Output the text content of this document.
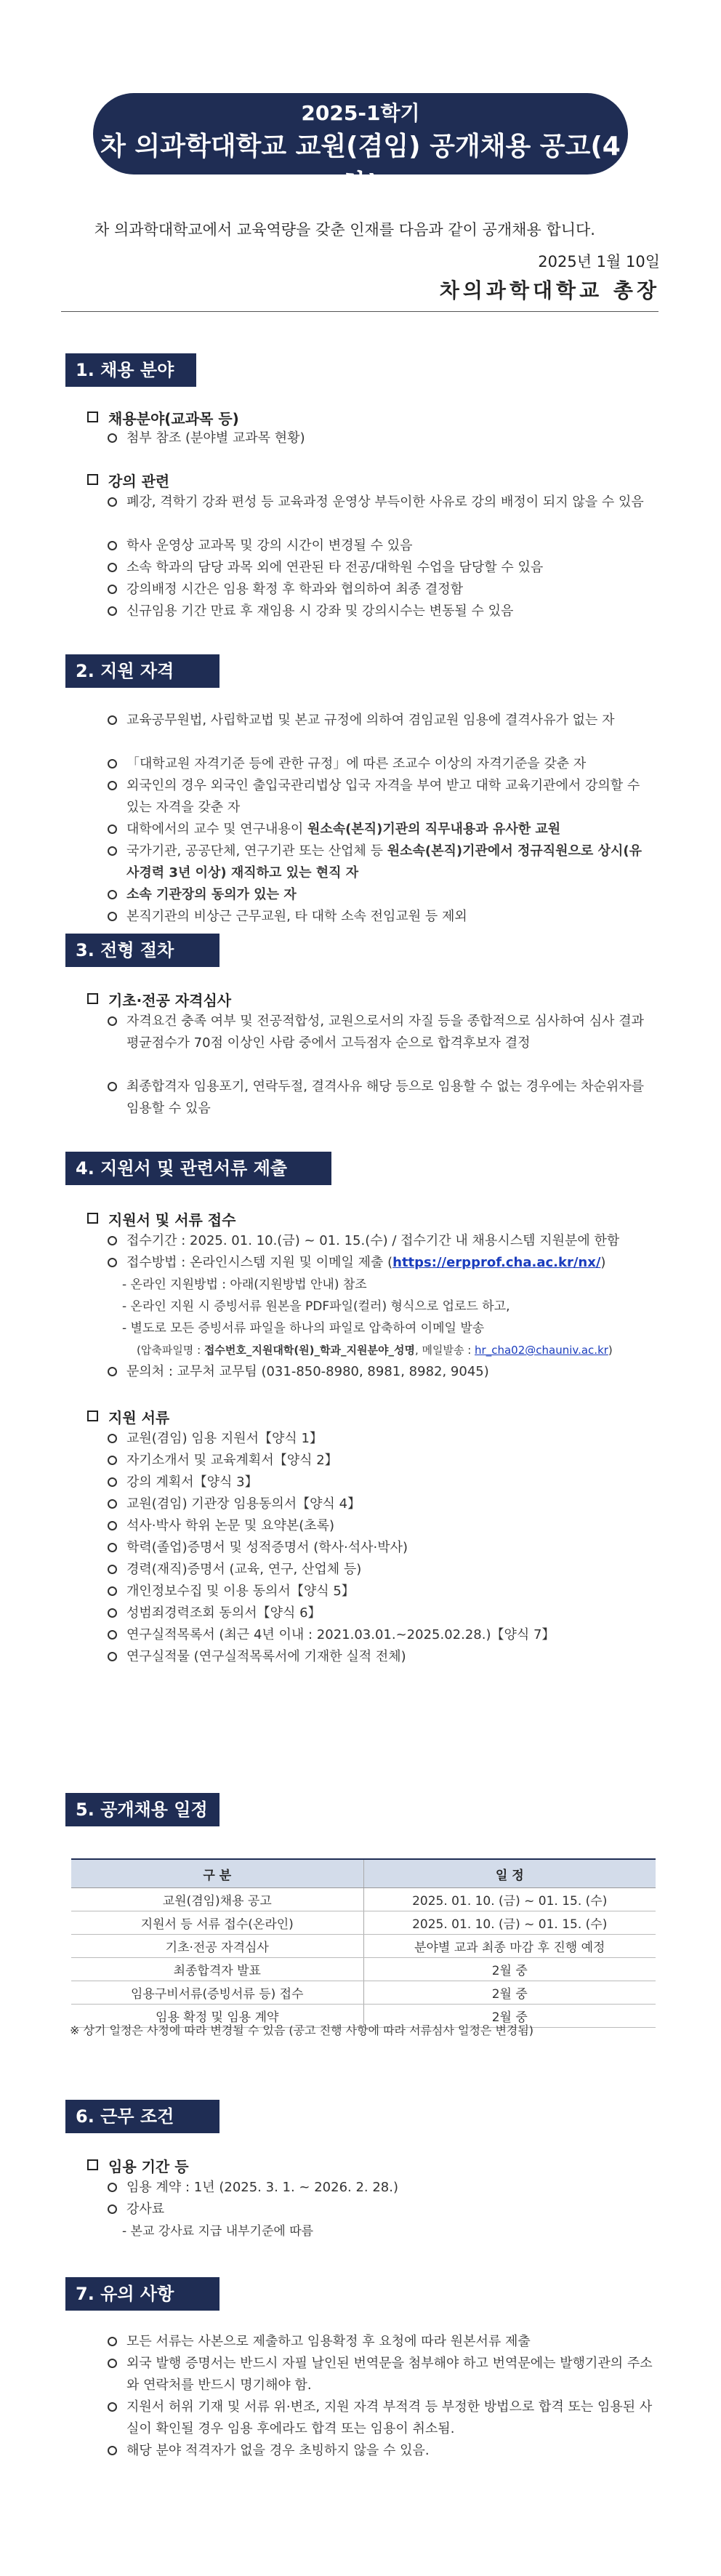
2025-1학기
차 의과학대학교 교원(겸임) 공개채용 공고(4차)
차 의과학대학교에서 교육역량을 갖춘 인재를 다음과 같이 공개채용 합니다.
2025년 1월 10일
차의과학대학교 총장
1. 채용 분야
채용분야(교과목 등)
첨부 참조 (분야별 교과목 현황)
강의 관련
폐강, 격학기 강좌 편성 등 교육과정 운영상 부득이한 사유로 강의 배정이 되지 않을 수 있음
학사 운영상 교과목 및 강의 시간이 변경될 수 있음
소속 학과의 담당 과목 외에 연관된 타 전공/대학원 수업을 담당할 수 있음
강의배정 시간은 임용 확정 후 학과와 협의하여 최종 결정함
신규임용 기간 만료 후 재임용 시 강좌 및 강의시수는 변동될 수 있음
2. 지원 자격
교육공무원법, 사립학교법 및 본교 규정에 의하여 겸임교원 임용에 결격사유가 없는 자
「대학교원 자격기준 등에 관한 규정」에 따른 조교수 이상의 자격기준을 갖춘 자
외국인의 경우 외국인 출입국관리법상 입국 자격을 부여 받고 대학 교육기관에서 강의할 수 있는 자격을 갖춘 자
대학에서의 교수 및 연구내용이 원소속(본직)기관의 직무내용과 유사한 교원
국가기관, 공공단체, 연구기관 또는 산업체 등 원소속(본직)기관에서 정규직원으로 상시(유사경력 3년 이상) 재직하고 있는 현직 자
소속 기관장의 동의가 있는 자
본직기관의 비상근 근무교원, 타 대학 소속 전임교원 등 제외
3. 전형 절차
기초·전공 자격심사
자격요건 충족 여부 및 전공적합성, 교원으로서의 자질 등을 종합적으로 심사하여 심사 결과 평균점수가 70점 이상인 사람 중에서 고득점자 순으로 합격후보자 결정
최종합격자 임용포기, 연락두절, 결격사유 해당 등으로 임용할 수 없는 경우에는 차순위자를 임용할 수 있음
4. 지원서 및 관련서류 제출
지원서 및 서류 접수
접수기간 : 2025. 01. 10.(금) ~ 01. 15.(수) / 접수기간 내 채용시스템 지원분에 한함
접수방법 : 온라인시스템 지원 및 이메일 제출 (https://erpprof.cha.ac.kr/nx/)
- 온라인 지원방법 : 아래(지원방법 안내) 참조
- 온라인 지원 시 증빙서류 원본을 PDF파일(컬러) 형식으로 업로드 하고,
- 별도로 모든 증빙서류 파일을 하나의 파일로 압축하여 이메일 발송
(압축파일명 : 접수번호_지원대학(원)_학과_지원분야_성명, 메일발송 : hr_cha02@chauniv.ac.kr)
문의처 : 교무처 교무팀 (031-850-8980, 8981, 8982, 9045)
지원 서류
교원(겸임) 임용 지원서【양식 1】
자기소개서 및 교육계획서【양식 2】
강의 계획서【양식 3】
교원(겸임) 기관장 임용동의서【양식 4】
석사·박사 학위 논문 및 요약본(초록)
학력(졸업)증명서 및 성적증명서 (학사·석사·박사)
경력(재직)증명서 (교육, 연구, 산업체 등)
개인정보수집 및 이용 동의서【양식 5】
성범죄경력조회 동의서【양식 6】
연구실적목록서 (최근 4년 이내 : 2021.03.01.~2025.02.28.)【양식 7】
연구실적물 (연구실적목록서에 기재한 실적 전체)
5. 공개채용 일정
구 분	일 정
교원(겸임)채용 공고	2025. 01. 10. (금) ~ 01. 15. (수)
지원서 등 서류 접수(온라인)	2025. 01. 10. (금) ~ 01. 15. (수)
기초·전공 자격심사	분야별 교과 최종 마감 후 진행 예정
최종합격자 발표	2월 중
임용구비서류(증빙서류 등) 접수	2월 중
임용 확정 및 임용 계약	2월 중
※ 상기 일정은 사정에 따라 변경될 수 있음 (공고 진행 사항에 따라 서류심사 일정은 변경됨)
6. 근무 조건
임용 기간 등
임용 계약 : 1년 (2025. 3. 1. ~ 2026. 2. 28.)
강사료
- 본교 강사료 지급 내부기준에 따름
7. 유의 사항
모든 서류는 사본으로 제출하고 임용확정 후 요청에 따라 원본서류 제출
외국 발행 증명서는 반드시 자필 날인된 번역문을 첨부해야 하고 번역문에는 발행기관의 주소와 연락처를 반드시 명기해야 함.
지원서 허위 기재 및 서류 위·변조, 지원 자격 부적격 등 부정한 방법으로 합격 또는 임용된 사실이 확인될 경우 임용 후에라도 합격 또는 임용이 취소됨.
해당 분야 적격자가 없을 경우 초빙하지 않을 수 있음.
